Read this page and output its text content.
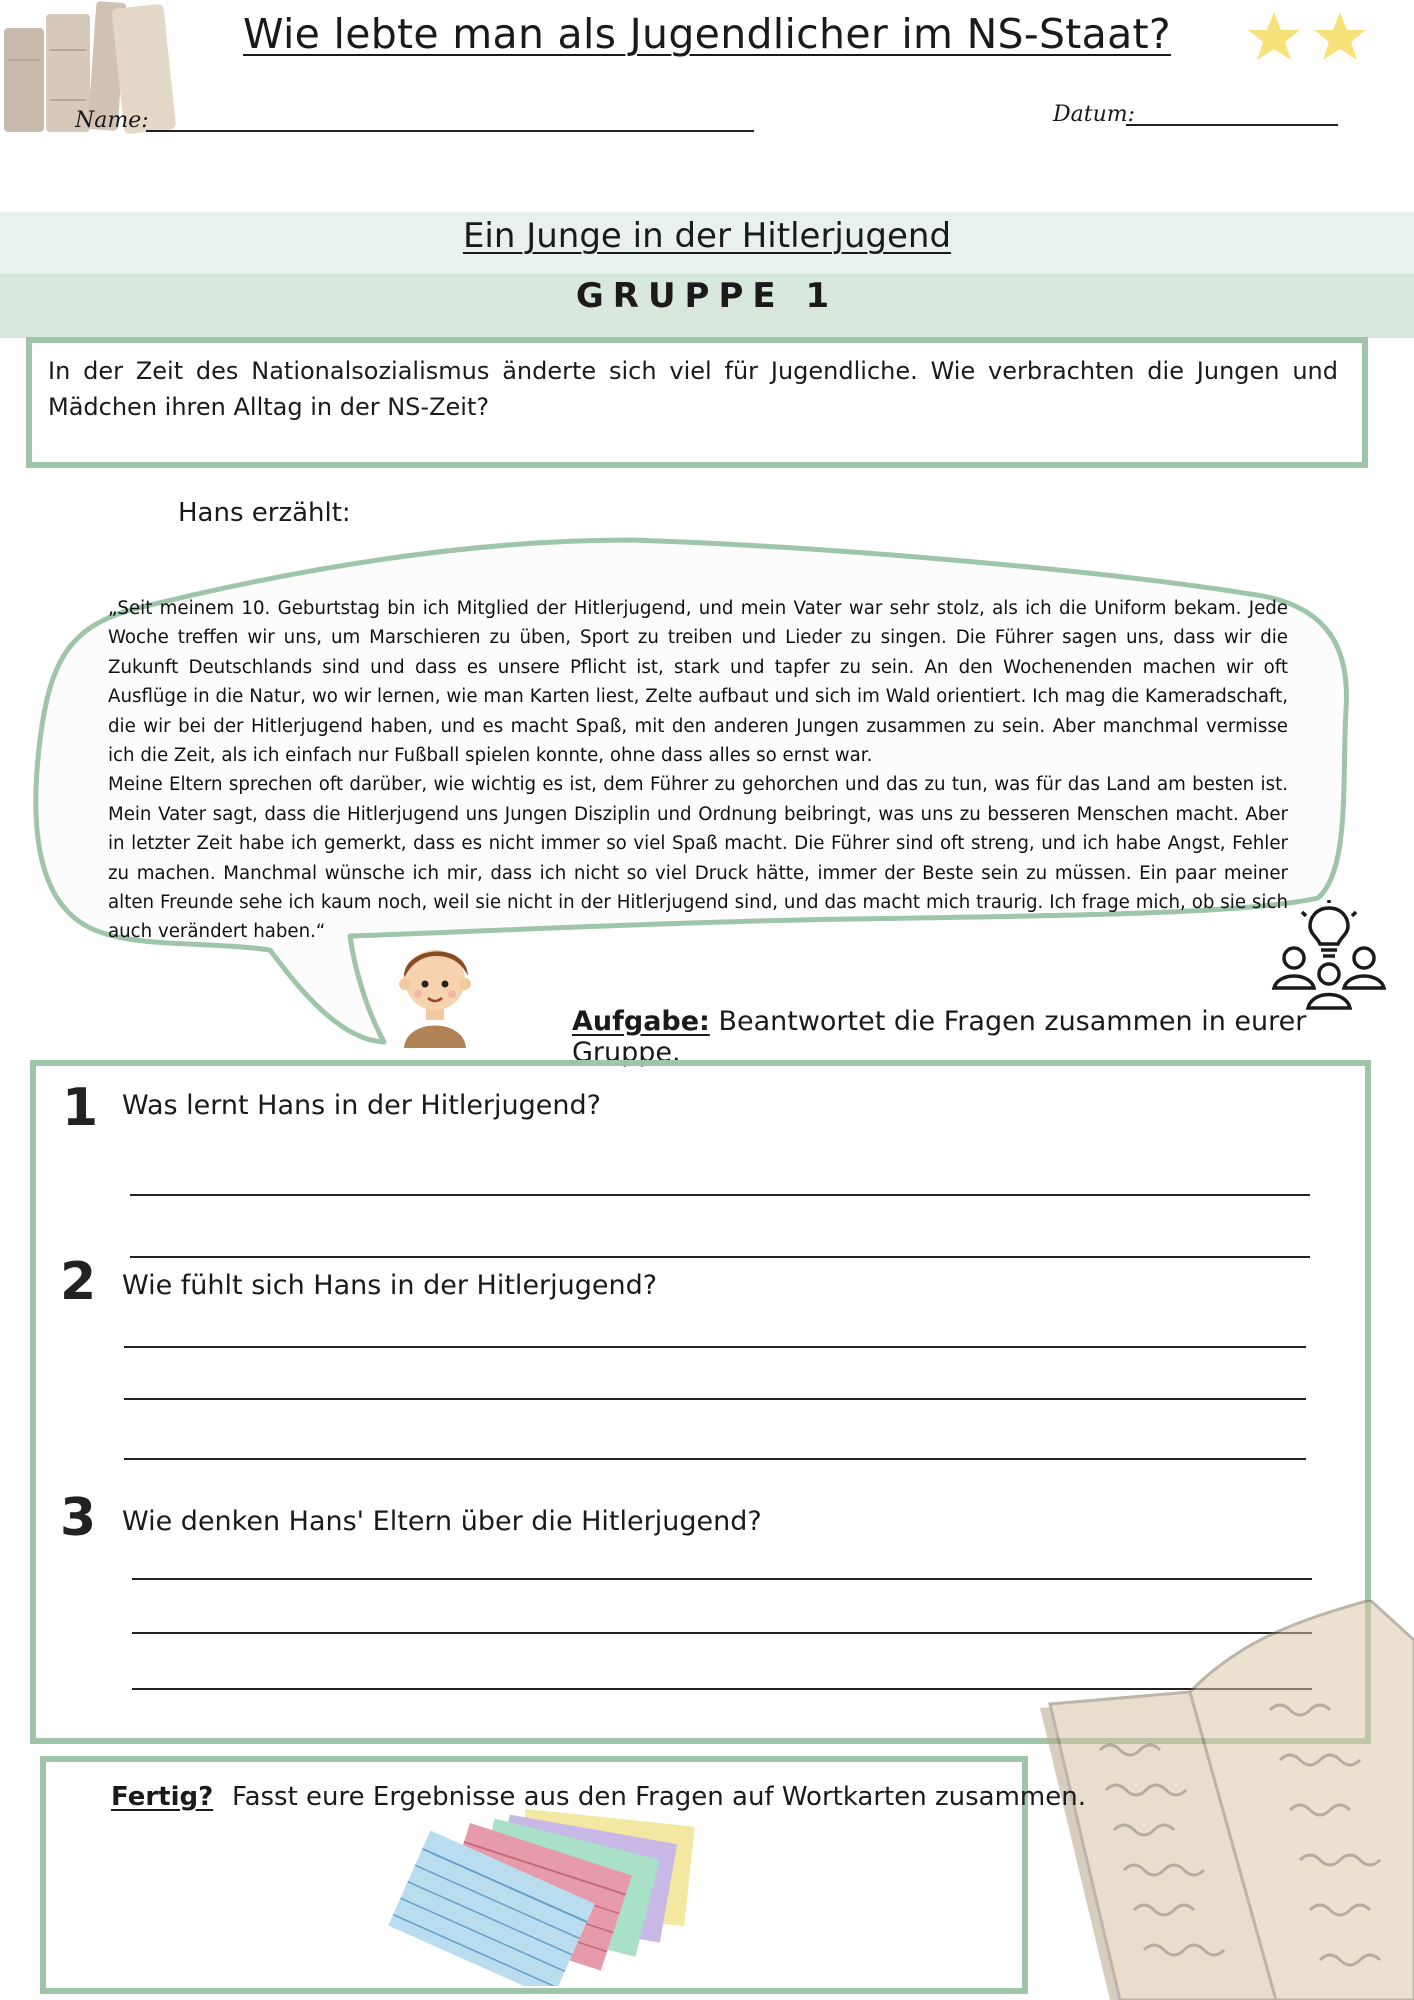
Wie lebte man als Jugendlicher im NS-Staat?
Name:	Datum:
Ein Junge in der Hitlerjugend
GRUPPE 1
In der Zeit des Nationalsozialismus änderte sich viel für Jugendliche. Wie verbrachten die Jungen und Mädchen ihren Alltag in der NS-Zeit?
Hans erzählt:

„Seit meinem 10. Geburtstag bin ich Mitglied der Hitlerjugend, und mein Vater war sehr stolz, als ich die Uniform bekam. Jede Woche treffen wir uns, um Marschieren zu üben, Sport zu treiben und Lieder zu singen. Die Führer sagen uns, dass wir die Zukunft Deutschlands sind und dass es unsere Pflicht ist, stark und tapfer zu sein. An den Wochenenden machen wir oft Ausflüge in die Natur, wo wir lernen, wie man Karten liest, Zelte aufbaut und sich im Wald orientiert. Ich mag die Kameradschaft, die wir bei der Hitlerjugend haben, und es macht Spaß, mit den anderen Jungen zusammen zu sein. Aber manchmal vermisse ich die Zeit, als ich einfach nur Fußball spielen konnte, ohne dass alles so ernst war.

Meine Eltern sprechen oft darüber, wie wichtig es ist, dem Führer zu gehorchen und das zu tun, was für das Land am besten ist. Mein Vater sagt, dass die Hitlerjugend uns Jungen Disziplin und Ordnung beibringt, was uns zu besseren Menschen macht. Aber in letzter Zeit habe ich gemerkt, dass es nicht immer so viel Spaß macht. Die Führer sind oft streng, und ich habe Angst, Fehler zu machen. Manchmal wünsche ich mir, dass ich nicht so viel Druck hätte, immer der Beste sein zu müssen. Ein paar meiner alten Freunde sehe ich kaum noch, weil sie nicht in der Hitlerjugend sind, und das macht mich traurig. Ich frage mich, ob sie sich auch verändert haben.“

Aufgabe: Beantwortet die Fragen zusammen in eurer Gruppe.
1 Was lernt Hans in der Hitlerjugend?
2 Wie fühlt sich Hans in der Hitlerjugend?
3 Wie denken Hans' Eltern über die Hitlerjugend?
Fertig? Fasst eure Ergebnisse aus den Fragen auf Wortkarten zusammen.
